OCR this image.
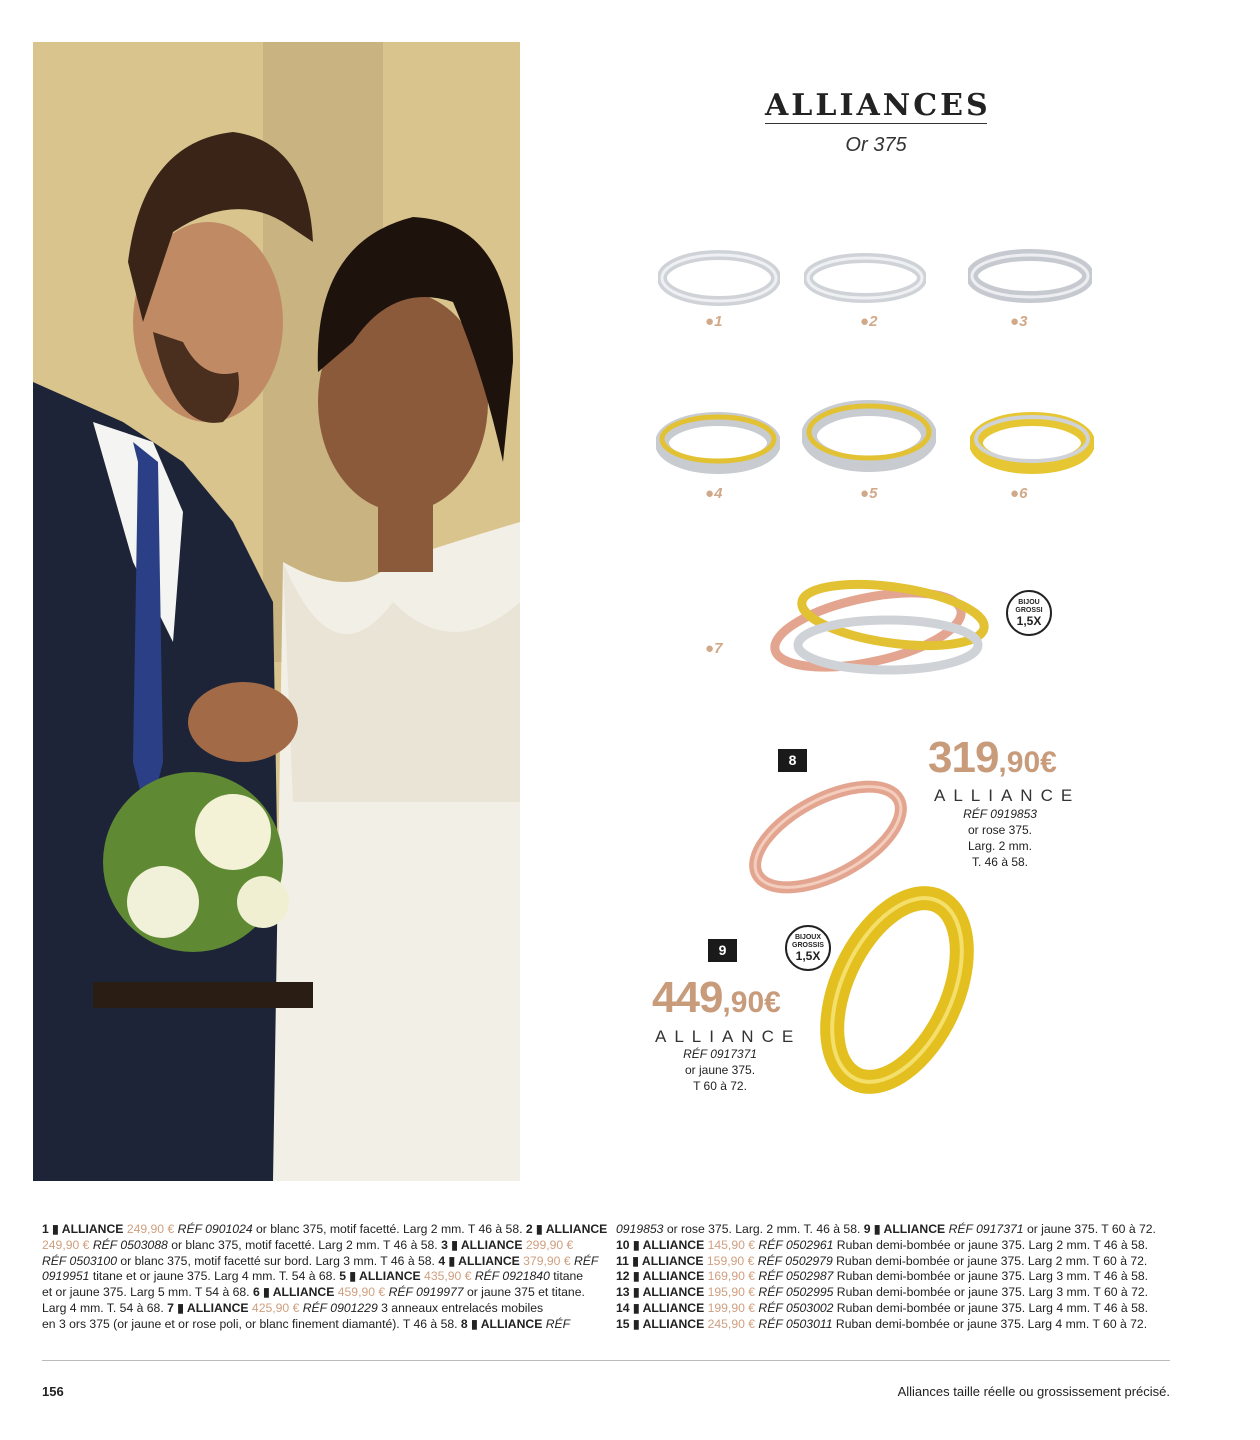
ALLIANCES
Or 375
●1	●2	●3
●4	●5	●6
●7
BIJOU
GROSSI
1,5X
8	319,90€
ALLIANCE
RÉF 0919853
or rose 375.
Larg. 2 mm.
T. 46 à 58.
9
BIJOUX
GROSSIS
1,5X
449,90€
ALLIANCE
RÉF 0917371
or jaune 375.
T 60 à 72.
1 ▮ ALLIANCE 249,90 € RÉF 0901024 or blanc 375, motif facetté. Larg 2 mm. T 46 à 58. 2 ▮ ALLIANCE
249,90 € RÉF 0503088 or blanc 375, motif facetté. Larg 2 mm. T 46 à 58. 3 ▮ ALLIANCE 299,90 €
RÉF 0503100 or blanc 375, motif facetté sur bord. Larg 3 mm. T 46 à 58. 4 ▮ ALLIANCE 379,90 € RÉF
0919951 titane et or jaune 375. Larg 4 mm. T. 54 à 68. 5 ▮ ALLIANCE 435,90 € RÉF 0921840 titane
et or jaune 375. Larg 5 mm. T 54 à 68. 6 ▮ ALLIANCE 459,90 € RÉF 0919977 or jaune 375 et titane.
Larg 4 mm. T. 54 à 68. 7 ▮ ALLIANCE 425,90 € RÉF 0901229 3 anneaux entrelacés mobiles
en 3 ors 375 (or jaune et or rose poli, or blanc finement diamanté). T 46 à 58. 8 ▮ ALLIANCE RÉF
0919853 or rose 375. Larg. 2 mm. T. 46 à 58. 9 ▮ ALLIANCE RÉF 0917371 or jaune 375. T 60 à 72.
10 ▮ ALLIANCE 145,90 € RÉF 0502961 Ruban demi-bombée or jaune 375. Larg 2 mm. T 46 à 58.
11 ▮ ALLIANCE 159,90 € RÉF 0502979 Ruban demi-bombée or jaune 375. Larg 2 mm. T 60 à 72.
12 ▮ ALLIANCE 169,90 € RÉF 0502987 Ruban demi-bombée or jaune 375. Larg 3 mm. T 46 à 58.
13 ▮ ALLIANCE 195,90 € RÉF 0502995 Ruban demi-bombée or jaune 375. Larg 3 mm. T 60 à 72.
14 ▮ ALLIANCE 199,90 € RÉF 0503002 Ruban demi-bombée or jaune 375. Larg 4 mm. T 46 à 58.
15 ▮ ALLIANCE 245,90 € RÉF 0503011 Ruban demi-bombée or jaune 375. Larg 4 mm. T 60 à 72.
156	Alliances taille réelle ou grossissement précisé.
